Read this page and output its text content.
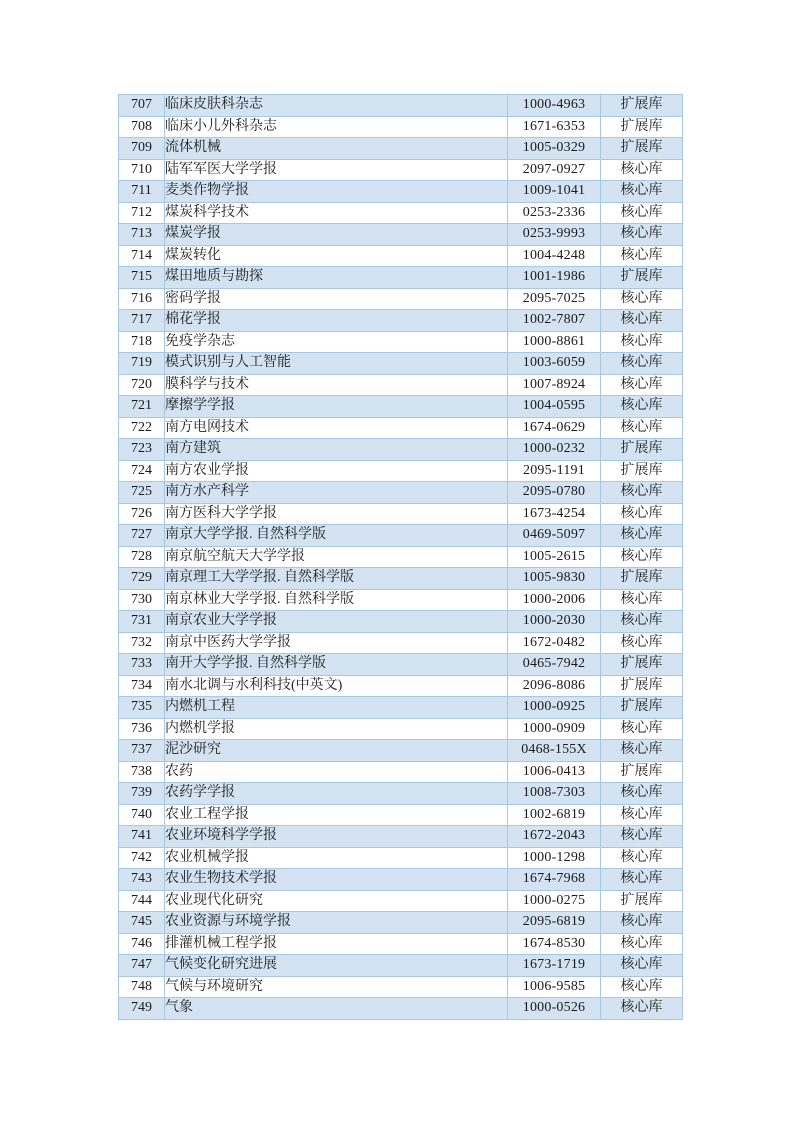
707	临床皮肤科杂志	1000-4963	扩展库
708	临床小儿外科杂志	1671-6353	扩展库
709	流体机械	1005-0329	扩展库
710	陆军军医大学学报	2097-0927	核心库
711	麦类作物学报	1009-1041	核心库
712	煤炭科学技术	0253-2336	核心库
713	煤炭学报	0253-9993	核心库
714	煤炭转化	1004-4248	核心库
715	煤田地质与勘探	1001-1986	扩展库
716	密码学报	2095-7025	核心库
717	棉花学报	1002-7807	核心库
718	免疫学杂志	1000-8861	核心库
719	模式识别与人工智能	1003-6059	核心库
720	膜科学与技术	1007-8924	核心库
721	摩擦学学报	1004-0595	核心库
722	南方电网技术	1674-0629	核心库
723	南方建筑	1000-0232	扩展库
724	南方农业学报	2095-1191	扩展库
725	南方水产科学	2095-0780	核心库
726	南方医科大学学报	1673-4254	核心库
727	南京大学学报. 自然科学版	0469-5097	核心库
728	南京航空航天大学学报	1005-2615	核心库
729	南京理工大学学报. 自然科学版	1005-9830	扩展库
730	南京林业大学学报. 自然科学版	1000-2006	核心库
731	南京农业大学学报	1000-2030	核心库
732	南京中医药大学学报	1672-0482	核心库
733	南开大学学报. 自然科学版	0465-7942	扩展库
734	南水北调与水利科技(中英文)	2096-8086	扩展库
735	内燃机工程	1000-0925	扩展库
736	内燃机学报	1000-0909	核心库
737	泥沙研究	0468-155X	核心库
738	农药	1006-0413	扩展库
739	农药学学报	1008-7303	核心库
740	农业工程学报	1002-6819	核心库
741	农业环境科学学报	1672-2043	核心库
742	农业机械学报	1000-1298	核心库
743	农业生物技术学报	1674-7968	核心库
744	农业现代化研究	1000-0275	扩展库
745	农业资源与环境学报	2095-6819	核心库
746	排灌机械工程学报	1674-8530	核心库
747	气候变化研究进展	1673-1719	核心库
748	气候与环境研究	1006-9585	核心库
749	气象	1000-0526	核心库
